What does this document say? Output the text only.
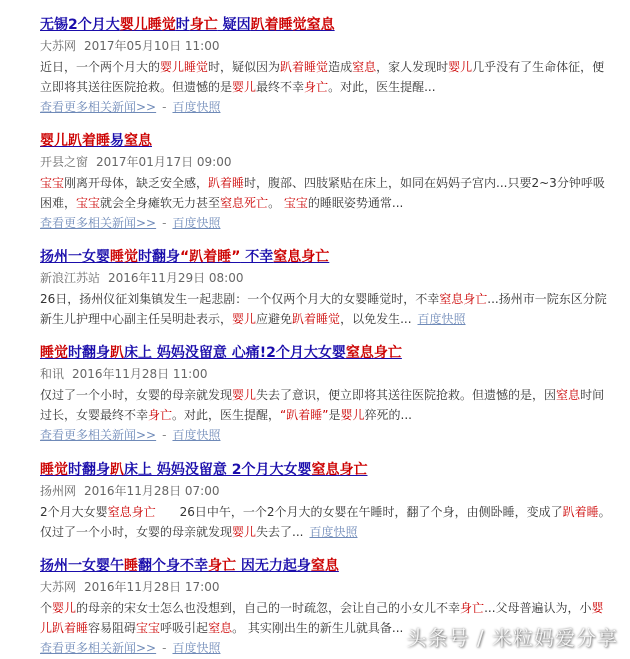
无锡2个月大婴儿睡觉时身亡 疑因趴着睡觉窒息
大苏网 2017年05月10日 11:00
近日，一个两个月大的婴儿睡觉时，疑似因为趴着睡觉造成窒息，家人发现时婴儿几乎没有了生命体征，便立即将其送往医院抢救。但遗憾的是婴儿最终不幸身亡。对此，医生提醒...
查看更多相关新闻>> - 百度快照
婴儿趴着睡易窒息
开县之窗 2017年01月17日 09:00
宝宝刚离开母体，缺乏安全感，趴着睡时，腹部、四肢紧贴在床上，如同在妈妈子宫内...只要2~3分钟呼吸困难，宝宝就会全身瘫软无力甚至窒息死亡。 宝宝的睡眠姿势通常...
查看更多相关新闻>> - 百度快照
扬州一女婴睡觉时翻身“趴着睡” 不幸窒息身亡
新浪江苏站 2016年11月29日 08:00
26日，扬州仪征刘集镇发生一起悲剧：一个仅两个月大的女婴睡觉时，不幸窒息身亡...扬州市一院东区分院新生儿护理中心副主任吴明赴表示，婴儿应避免趴着睡觉，以免发生... 百度快照
睡觉时翻身趴床上 妈妈没留意 心痛!2个月大女婴窒息身亡
和讯 2016年11月28日 11:00
仅过了一个小时，女婴的母亲就发现婴儿失去了意识，便立即将其送往医院抢救。但遗憾的是，因窒息时间过长，女婴最终不幸身亡。对此，医生提醒，“趴着睡”是婴儿猝死的...
查看更多相关新闻>> - 百度快照
睡觉时翻身趴床上 妈妈没留意 2个月大女婴窒息身亡
扬州网 2016年11月28日 07:00
2个月大女婴窒息身亡　　26日中午，一个2个月大的女婴在午睡时，翻了个身，由侧卧睡，变成了趴着睡。仅过了一个小时，女婴的母亲就发现婴儿失去了... 百度快照
扬州一女婴午睡翻个身不幸身亡 因无力起身窒息
大苏网 2016年11月28日 17:00
个婴儿的母亲的宋女士怎么也没想到，自己的一时疏忽，会让自己的小女儿不幸身亡...父母普遍认为，小婴儿趴着睡容易阻碍宝宝呼吸引起窒息。 其实刚出生的新生儿就具备...
查看更多相关新闻>> - 百度快照	头条号 / 米粒妈爱分享
